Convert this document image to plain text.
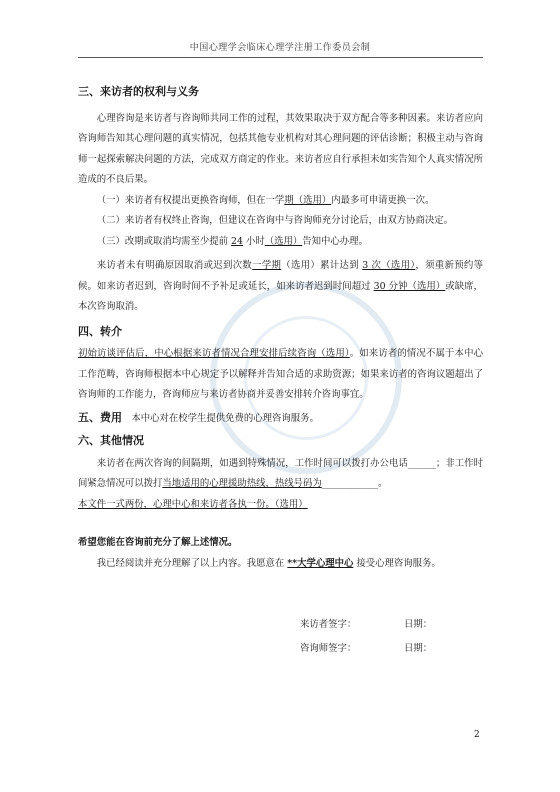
中国心理学会临床心理学注册工作委员会制

三、来访者的权利与义务

心理咨询是来访者与咨询师共同工作的过程，其效果取决于双方配合等多种因素。来访者应向咨询师告知其心理问题的真实情况，包括其他专业机构对其心理问题的评估诊断；积极主动与咨询师一起探索解决问题的方法，完成双方商定的作业。来访者应自行承担未如实告知个人真实情况所造成的不良后果。

（一）来访者有权提出更换咨询师，但在一学期（选用）内最多可申请更换一次。

（二）来访者有权终止咨询，但建议在咨询中与咨询师充分讨论后，由双方协商决定。

（三）改期或取消均需至少提前 24 小时（选用）告知中心办理。

来访者未有明确原因取消或迟到次数一学期（选用）累计达到 3 次（选用），须重新预约等候。如来访者迟到，咨询时间不予补足或延长，如来访者迟到时间超过 30 分钟（选用）或缺席，本次咨询取消。

四、转介

初始访谈评估后，中心根据来访者情况合理安排后续咨询（选用）。如来访者的情况不属于本中心工作范畴，咨询师根据本中心规定予以解释并告知合适的求助资源；如果来访者的咨询议题超出了咨询师的工作能力，咨询师应与来访者协商并妥善安排转介咨询事宜。

五、费用　 本中心对在校学生提供免费的心理咨询服务。

六、其他情况

来访者在两次咨询的间隔期，如遇到特殊情况，工作时间可以拨打办公电话______；非工作时间紧急情况可以拨打当地适用的心理援助热线，热线号码为____________。

本文件一式两份，心理中心和来访者各执一份。（选用）

希望您能在咨询前充分了解上述情况。

我已经阅读并充分理解了以上内容。我愿意在 **大学心理中心 接受心理咨询服务。

来访者签字：	日期：
咨询师签字：	日期：
2
